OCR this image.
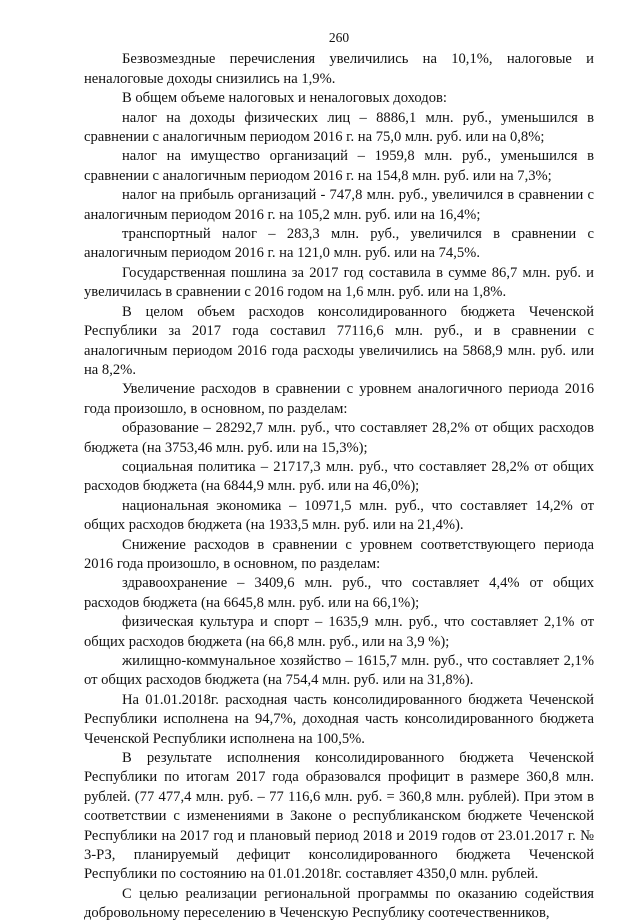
260

Безвозмездные перечисления увеличились на 10,1%, налоговые и неналоговые доходы снизились на 1,9%.

В общем объеме налоговых и неналоговых доходов:

налог на доходы физических лиц – 8886,1 млн. руб., уменьшился в сравнении с аналогичным периодом 2016 г. на 75,0 млн. руб. или на 0,8%;

налог на имущество организаций – 1959,8 млн. руб., уменьшился в сравнении с аналогичным периодом 2016 г. на 154,8 млн. руб. или на 7,3%;

налог на прибыль организаций - 747,8 млн. руб., увеличился в сравнении с аналогичным периодом 2016 г. на 105,2 млн. руб. или на 16,4%;

транспортный налог – 283,3 млн. руб., увеличился в сравнении с аналогичным периодом 2016 г. на 121,0 млн. руб. или на 74,5%.

Государственная пошлина за 2017 год составила в сумме 86,7 млн. руб. и увеличилась в сравнении с 2016 годом на 1,6 млн. руб. или на 1,8%.

В целом объем расходов консолидированного бюджета Чеченской Республики за 2017 года составил 77116,6 млн. руб., и в сравнении с аналогичным периодом 2016 года расходы увеличились на 5868,9 млн. руб. или на 8,2%.

Увеличение расходов в сравнении с уровнем аналогичного периода 2016 года произошло, в основном, по разделам:

образование – 28292,7 млн. руб., что составляет 28,2% от общих расходов бюджета (на 3753,46 млн. руб. или на 15,3%);

социальная политика – 21717,3 млн. руб., что составляет 28,2% от общих расходов бюджета (на 6844,9 млн. руб. или на 46,0%);

национальная экономика – 10971,5 млн. руб., что составляет 14,2% от общих расходов бюджета (на 1933,5 млн. руб. или на 21,4%).

Снижение расходов в сравнении с уровнем соответствующего периода 2016 года произошло, в основном, по разделам:

здравоохранение – 3409,6 млн. руб., что составляет 4,4% от общих расходов бюджета (на 6645,8 млн. руб. или на 66,1%);

физическая культура и спорт – 1635,9 млн. руб., что составляет 2,1% от общих расходов бюджета (на 66,8 млн. руб., или на 3,9 %);

жилищно-коммунальное хозяйство – 1615,7 млн. руб., что составляет 2,1% от общих расходов бюджета (на 754,4 млн. руб. или на 31,8%).

На 01.01.2018г. расходная часть консолидированного бюджета Чеченской Республики исполнена на 94,7%, доходная часть консолидированного бюджета Чеченской Республики исполнена на 100,5%.

В результате исполнения консолидированного бюджета Чеченской Республики по итогам 2017 года образовался профицит в размере 360,8 млн. рублей. (77 477,4 млн. руб. – 77 116,6 млн. руб. = 360,8 млн. рублей). При этом в соответствии с изменениями в Законе о республиканском бюджете Чеченской Республики на 2017 год и плановый период 2018 и 2019 годов от 23.01.2017 г. № 3-РЗ, планируемый дефицит консолидированного бюджета Чеченской Республики по состоянию на 01.01.2018г. составляет 4350,0 млн. рублей.

С целью реализации региональной программы по оказанию содействия добровольному переселению в Чеченскую Республику соотечественников,
